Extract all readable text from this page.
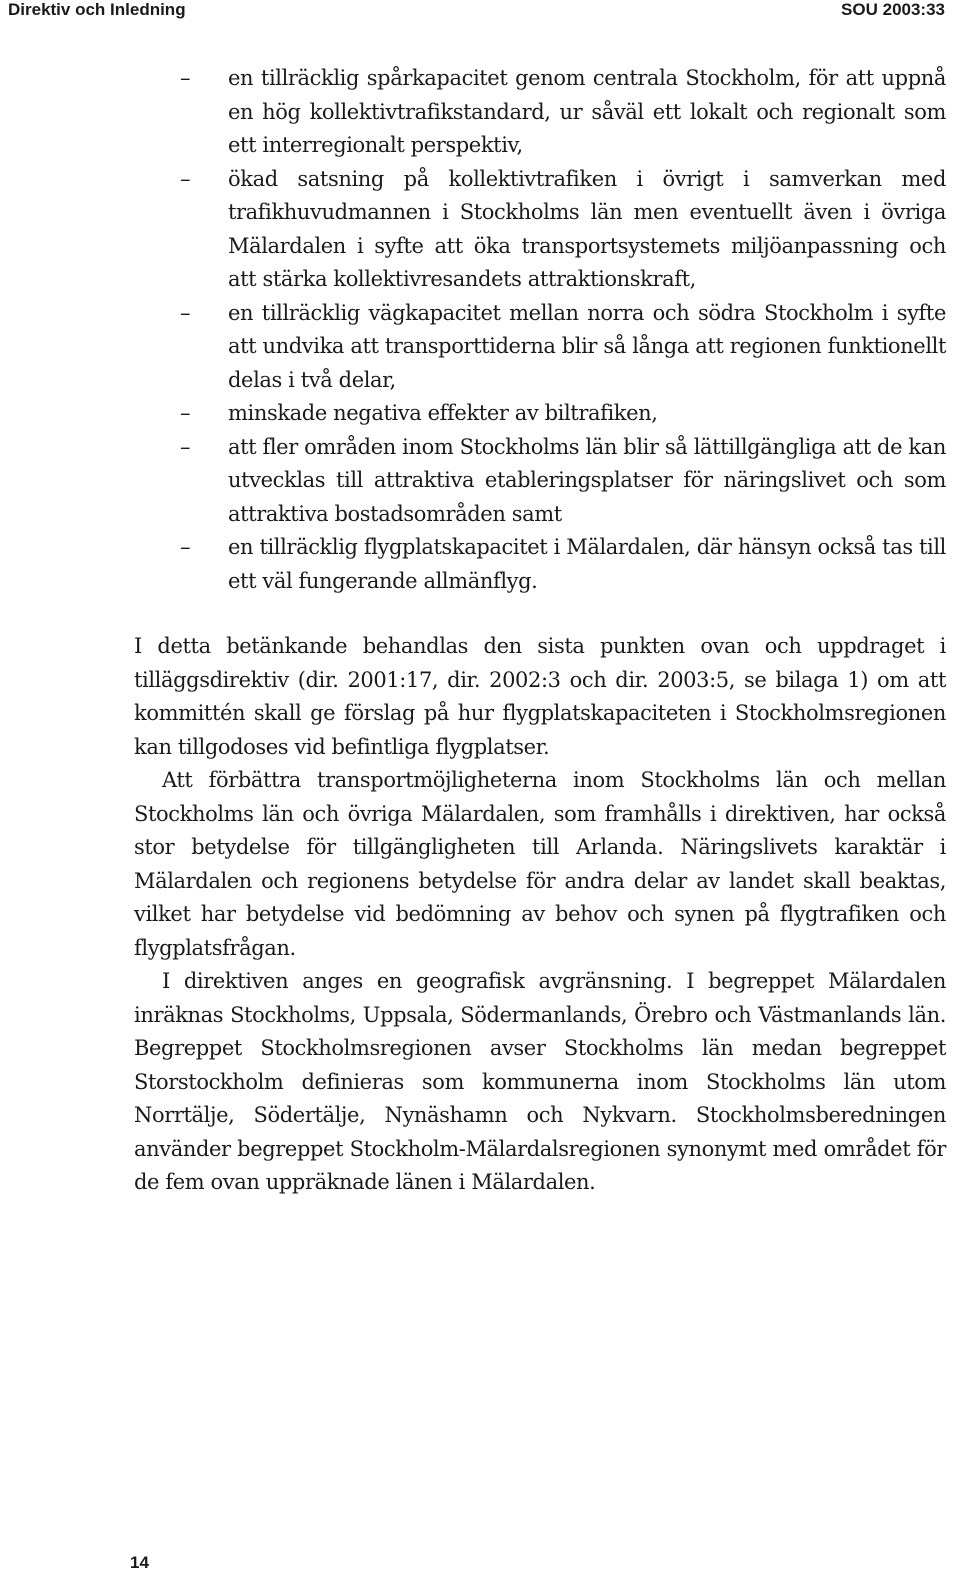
Direktiv och Inledning	SOU 2003:33
– en tillräcklig spårkapacitet genom centrala Stockholm, för att uppnå en hög kollektivtrafikstandard, ur såväl ett lokalt och regionalt som ett interregionalt perspektiv,
– ökad satsning på kollektivtrafiken i övrigt i samverkan med trafikhuvudmannen i Stockholms län men eventuellt även i övriga Mälardalen i syfte att öka transportsystemets miljöanpassning och att stärka kollektivresandets attraktionskraft,
– en tillräcklig vägkapacitet mellan norra och södra Stockholm i syfte att undvika att transporttiderna blir så långa att regionen funktionellt delas i två delar,
– minskade negativa effekter av biltrafiken,
– att fler områden inom Stockholms län blir så lättillgängliga att de kan utvecklas till attraktiva etableringsplatser för näringslivet och som attraktiva bostadsområden samt
– en tillräcklig flygplatskapacitet i Mälardalen, där hänsyn också tas till ett väl fungerande allmänflyg.

I detta betänkande behandlas den sista punkten ovan och uppdraget i tilläggsdirektiv (dir. 2001:17, dir. 2002:3 och dir. 2003:5, se bilaga 1) om att kommittén skall ge förslag på hur flygplatskapaciteten i Stockholmsregionen kan tillgodoses vid befintliga flygplatser.

Att förbättra transportmöjligheterna inom Stockholms län och mellan Stockholms län och övriga Mälardalen, som framhålls i direktiven, har också stor betydelse för tillgängligheten till Arlanda. Näringslivets karaktär i Mälardalen och regionens betydelse för andra delar av landet skall beaktas, vilket har betydelse vid bedömning av behov och synen på flygtrafiken och flygplatsfrågan.

I direktiven anges en geografisk avgränsning. I begreppet Mälardalen inräknas Stockholms, Uppsala, Södermanlands, Örebro och Västmanlands län. Begreppet Stockholmsregionen avser Stockholms län medan begreppet Storstockholm definieras som kommunerna inom Stockholms län utom Norrtälje, Södertälje, Nynäshamn och Nykvarn. Stockholmsberedningen använder begreppet Stockholm-Mälardalsregionen synonymt med området för de fem ovan uppräknade länen i Mälardalen.

14
